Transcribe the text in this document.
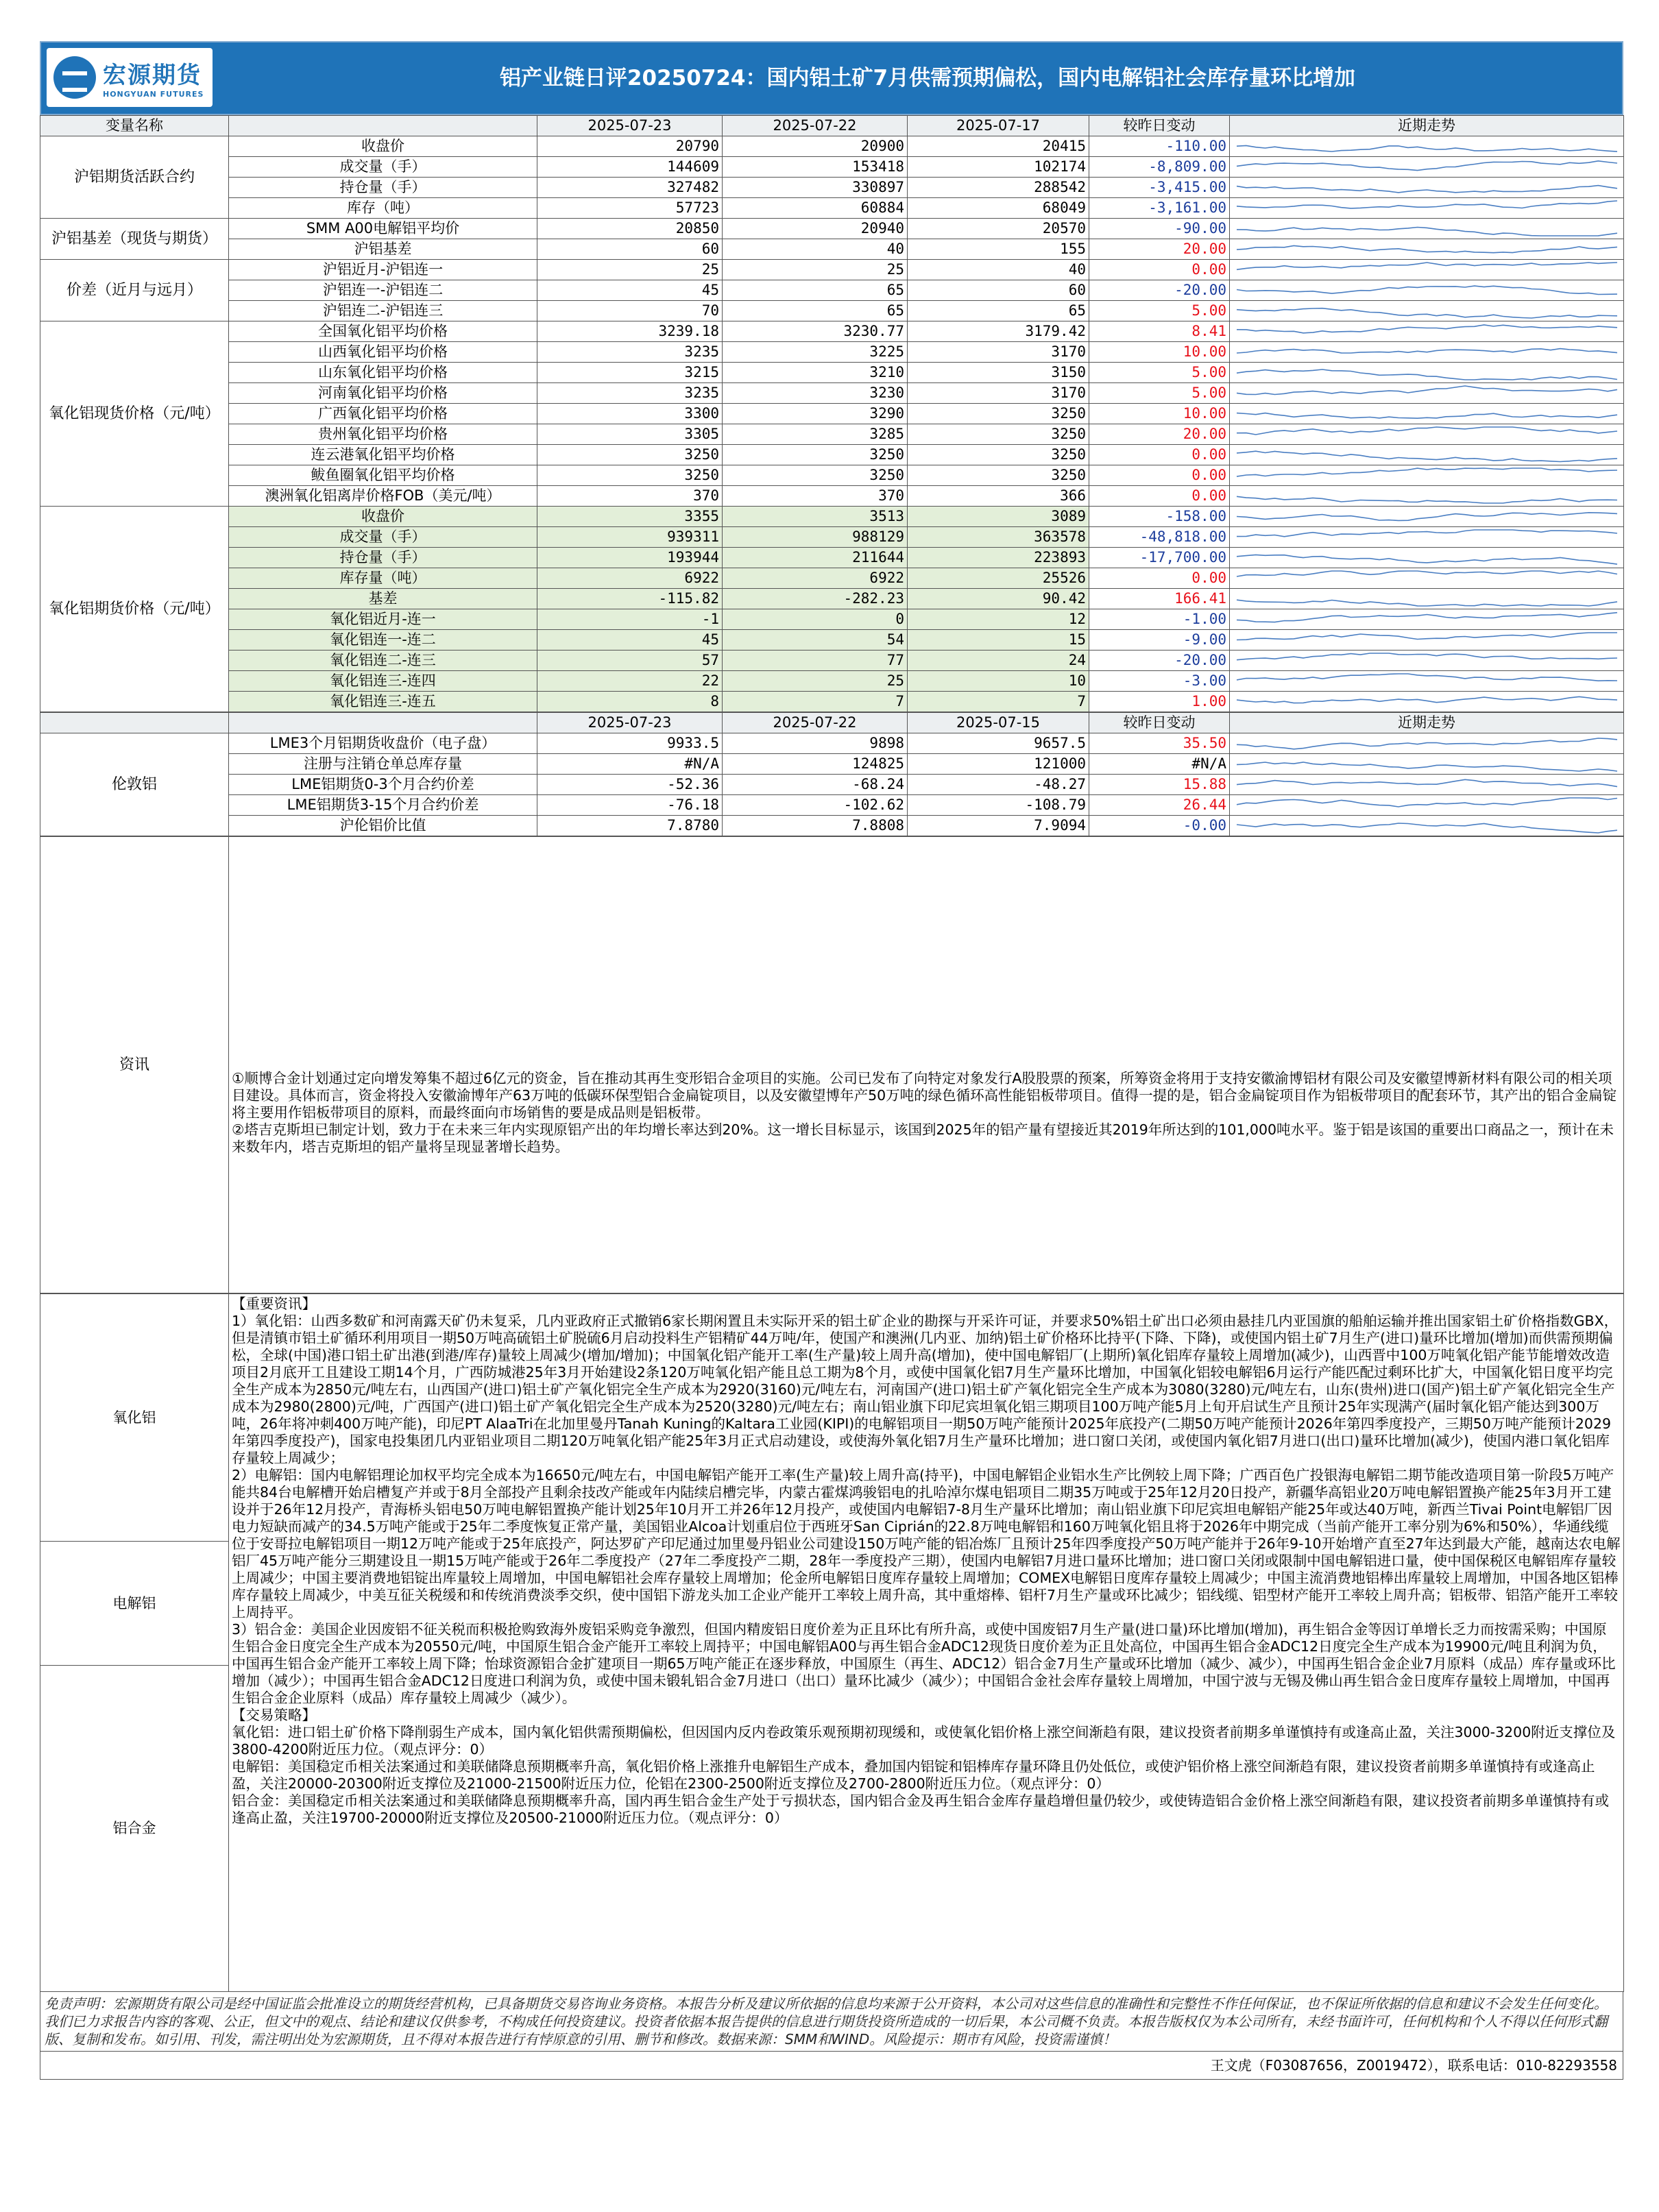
宏源期货
HONGYUAN FUTURES
铝产业链日评20250724：国内铝土矿7月供需预期偏松，国内电解铝社会库存量环比增加
变量名称		2025-07-23	2025-07-22	2025-07-17	较昨日变动	近期走势
沪铝期货活跃合约	收盘价	20790	20900	20415	-110.00	

	成交量（手）	144609	153418	102174	-8,809.00	

	持仓量（手）	327482	330897	288542	-3,415.00	

	库存（吨）	57723	60884	68049	-3,161.00	

沪铝基差（现货与期货）	SMM A00电解铝平均价	20850	20940	20570	-90.00	

	沪铝基差	60	40	155	20.00	

价差（近月与远月）	沪铝近月-沪铝连一	25	25	40	0.00	

	沪铝连一-沪铝连二	45	65	60	-20.00	

	沪铝连二-沪铝连三	70	65	65	5.00	

氧化铝现货价格（元/吨）	全国氧化铝平均价格	3239.18	3230.77	3179.42	8.41	

	山西氧化铝平均价格	3235	3225	3170	10.00	

	山东氧化铝平均价格	3215	3210	3150	5.00	

	河南氧化铝平均价格	3235	3230	3170	5.00	

	广西氧化铝平均价格	3300	3290	3250	10.00	

	贵州氧化铝平均价格	3305	3285	3250	20.00	

	连云港氧化铝平均价格	3250	3250	3250	0.00	

	鲅鱼圈氧化铝平均价格	3250	3250	3250	0.00	

	澳洲氧化铝离岸价格FOB（美元/吨）	370	370	366	0.00	

氧化铝期货价格（元/吨）	收盘价	3355	3513	3089	-158.00	

	成交量（手）	939311	988129	363578	-48,818.00	

	持仓量（手）	193944	211644	223893	-17,700.00	

	库存量（吨）	6922	6922	25526	0.00	

	基差	-115.82	-282.23	90.42	166.41	

	氧化铝近月-连一	-1	0	12	-1.00	

	氧化铝连一-连二	45	54	15	-9.00	

	氧化铝连二-连三	57	77	24	-20.00	

	氧化铝连三-连四	22	25	10	-3.00	

	氧化铝连三-连五	8	7	7	1.00	
		2025-07-23	2025-07-22	2025-07-15	较昨日变动	近期走势
伦敦铝	LME3个月铝期货收盘价（电子盘）	9933.5	9898	9657.5	35.50	

	注册与注销仓单总库存量	#N/A	124825	121000	#N/A	

	LME铝期货0-3个月合约价差	-52.36	-68.24	-48.27	15.88	

	LME铝期货3-15个月合约价差	-76.18	-102.62	-108.79	26.44	

	沪伦铝价比值	7.8780	7.8808	7.9094	-0.00	
资讯	

①顺博合金计划通过定向增发筹集不超过6亿元的资金，旨在推动其再生变形铝合金项目的实施。公司已发布了向特定对象发行A股股票的预案，所筹资金将用于支持安徽渝博铝材有限公司及安徽望博新材料有限公司的相关项目建设。具体而言，资金将投入安徽渝博年产63万吨的低碳环保型铝合金扁锭项目，以及安徽望博年产50万吨的绿色循环高性能铝板带项目。值得一提的是，铝合金扁锭项目作为铝板带项目的配套环节，其产出的铝合金扁锭将主要用作铝板带项目的原料，而最终面向市场销售的要是成品则是铝板带。

②塔吉克斯坦已制定计划，致力于在未来三年内实现原铝产出的年均增长率达到20%。这一增长目标显示，该国到2025年的铝产量有望接近其2019年所达到的101,000吨水平。鉴于铝是该国的重要出口商品之一，预计在未来数年内，塔吉克斯坦的铝产量将呈现显著增长趋势。

氧化铝
电解铝
铝合金

【重要资讯】

1）氧化铝：山西多数矿和河南露天矿仍未复采，几内亚政府正式撤销6家长期闲置且未实际开采的铝土矿企业的勘探与开采许可证，并要求50%铝土矿出口必须由悬挂几内亚国旗的船舶运输并推出国家铝土矿价格指数GBX，但是清镇市铝土矿循环利用项目一期50万吨高硫铝土矿脱硫6月启动投料生产铝精矿44万吨/年，使国产和澳洲(几内亚、加纳)铝土矿价格环比持平(下降、下降)，或使国内铝土矿7月生产(进口)量环比增加(增加)而供需预期偏松，全球(中国)港口铝土矿出港(到港/库存)量较上周减少(增加/增加)；中国氧化铝产能开工率(生产量)较上周升高(增加)，使中国电解铝厂(上期所)氧化铝库存量较上周增加(减少)，山西晋中100万吨氧化铝产能节能增效改造项目2月底开工且建设工期14个月，广西防城港25年3月开始建设2条120万吨氧化铝产能且总工期为8个月，或使中国氧化铝7月生产量环比增加，中国氧化铝较电解铝6月运行产能匹配过剩环比扩大，中国氧化铝日度平均完全生产成本为2850元/吨左右，山西国产(进口)铝土矿产氧化铝完全生产成本为2920(3160)元/吨左右，河南国产(进口)铝土矿产氧化铝完全生产成本为3080(3280)元/吨左右，山东(贵州)进口(国产)铝土矿产氧化铝完全生产成本为2980(2800)元/吨，广西国产(进口)铝土矿产氧化铝完全生产成本为2520(3280)元/吨左右；南山铝业旗下印尼宾坦氧化铝三期项目100万吨产能5月上旬开启试生产且预计25年实现满产(届时氧化铝产能达到300万吨，26年将冲刺400万吨产能)，印尼PT AlaaTri在北加里曼丹Tanah Kuning的Kaltara工业园(KIPI)的电解铝项目一期50万吨产能预计2025年底投产(二期50万吨产能预计2026年第四季度投产，三期50万吨产能预计2029年第四季度投产)，国家电投集团几内亚铝业项目二期120万吨氧化铝产能25年3月正式启动建设，或使海外氧化铝7月生产量环比增加；进口窗口关闭，或使国内氧化铝7月进口(出口)量环比增加(减少)，使国内港口氧化铝库存量较上周减少；

2）电解铝：国内电解铝理论加权平均完全成本为16650元/吨左右，中国电解铝产能开工率(生产量)较上周升高(持平)，中国电解铝企业铝水生产比例较上周下降；广西百色广投银海电解铝二期节能改造项目第一阶段5万吨产能共84台电解槽开始启槽复产并或于8月全部投产且剩余技改产能或年内陆续启槽完毕，内蒙古霍煤鸿骏铝电的扎哈淖尔煤电铝项目二期35万吨或于25年12月20日投产，新疆华高铝业20万吨电解铝置换产能25年3月开工建设并于26年12月投产，青海桥头铝电50万吨电解铝置换产能计划25年10月开工并26年12月投产，或使国内电解铝7-8月生产量环比增加；南山铝业旗下印尼宾坦电解铝产能25年或达40万吨，新西兰Tivai Point电解铝厂因电力短缺而减产的34.5万吨产能或于25年二季度恢复正常产量，美国铝业Alcoa计划重启位于西班牙San Ciprián的22.8万吨电解铝和160万吨氧化铝且将于2026年中期完成（当前产能开工率分别为6%和50%），华通线缆位于安哥拉电解铝项目一期12万吨产能或于25年底投产，阿达罗矿产印尼通过加里曼丹铝业公司建设150万吨产能的铝冶炼厂且预计25年四季度投产50万吨产能并于26年9-10开始增产直至27年达到最大产能，越南达农电解铝厂45万吨产能分三期建设且一期15万吨产能或于26年二季度投产（27年二季度投产二期，28年一季度投产三期），使国内电解铝7月进口量环比增加；进口窗口关闭或限制中国电解铝进口量，使中国保税区电解铝库存量较上周减少；中国主要消费地铝锭出库量较上周增加，中国电解铝社会库存量较上周增加；伦金所电解铝日度库存量较上周增加；COMEX电解铝日度库存量较上周减少；中国主流消费地铝棒出库量较上周增加，中国各地区铝棒库存量较上周减少，中美互征关税缓和和传统消费淡季交织，使中国铝下游龙头加工企业产能开工率较上周升高，其中重熔棒、铝杆7月生产量或环比减少；铝线缆、铝型材产能开工率较上周升高；铝板带、铝箔产能开工率较上周持平。

3）铝合金：美国企业因废铝不征关税而积极抢购致海外废铝采购竞争激烈，但国内精废铝日度价差为正且环比有所升高，或使中国废铝7月生产量(进口量)环比增加(增加)，再生铝合金等因订单增长乏力而按需采购；中国原生铝合金日度完全生产成本为20550元/吨，中国原生铝合金产能开工率较上周持平；中国电解铝A00与再生铝合金ADC12现货日度价差为正且处高位，中国再生铝合金ADC12日度完全生产成本为19900元/吨且利润为负，中国再生铝合金产能开工率较上周下降；怡球资源铝合金扩建项目一期65万吨产能正在逐步释放，中国原生（再生、ADC12）铝合金7月生产量或环比增加（减少、减少），中国再生铝合金企业7月原料（成品）库存量或环比增加（减少）；中国再生铝合金ADC12日度进口利润为负，或使中国未锻轧铝合金7月进口（出口）量环比减少（减少）；中国铝合金社会库存量较上周增加，中国宁波与无锡及佛山再生铝合金日度库存量较上周增加，中国再生铝合金企业原料（成品）库存量较上周减少（减少）。

【交易策略】

氧化铝：进口铝土矿价格下降削弱生产成本，国内氧化铝供需预期偏松，但因国内反内卷政策乐观预期初现缓和，或使氧化铝价格上涨空间渐趋有限，建议投资者前期多单谨慎持有或逢高止盈，关注3000-3200附近支撑位及3800-4200附近压力位。（观点评分：0）

电解铝：美国稳定币相关法案通过和美联储降息预期概率升高，氧化铝价格上涨推升电解铝生产成本，叠加国内铝锭和铝棒库存量环降且仍处低位，或使沪铝价格上涨空间渐趋有限，建议投资者前期多单谨慎持有或逢高止盈，关注20000-20300附近支撑位及21000-21500附近压力位，伦铝在2300-2500附近支撑位及2700-2800附近压力位。（观点评分：0）

铝合金：美国稳定币相关法案通过和美联储降息预期概率升高，国内再生铝合金生产处于亏损状态，国内铝合金及再生铝合金库存量趋增但量仍较少，或使铸造铝合金价格上涨空间渐趋有限，建议投资者前期多单谨慎持有或逢高止盈，关注19700-20000附近支撑位及20500-21000附近压力位。（观点评分：0）

免责声明：宏源期货有限公司是经中国证监会批准设立的期货经营机构，已具备期货交易咨询业务资格。本报告分析及建议所依据的信息均来源于公开资料，本公司对这些信息的准确性和完整性不作任何保证，也不保证所依据的信息和建议不会发生任何变化。我们已力求报告内容的客观、公正，但文中的观点、结论和建议仅供参考，不构成任何投资建议。投资者依据本报告提供的信息进行期货投资所造成的一切后果，本公司概不负责。本报告版权仅为本公司所有，未经书面许可，任何机构和个人不得以任何形式翻版、复制和发布。如引用、刊发，需注明出处为宏源期货，且不得对本报告进行有悖原意的引用、删节和修改。数据来源：SMM和WIND。风险提示：期市有风险，投资需谨慎！
王文虎（F03087656，Z0019472），联系电话：010-82293558
